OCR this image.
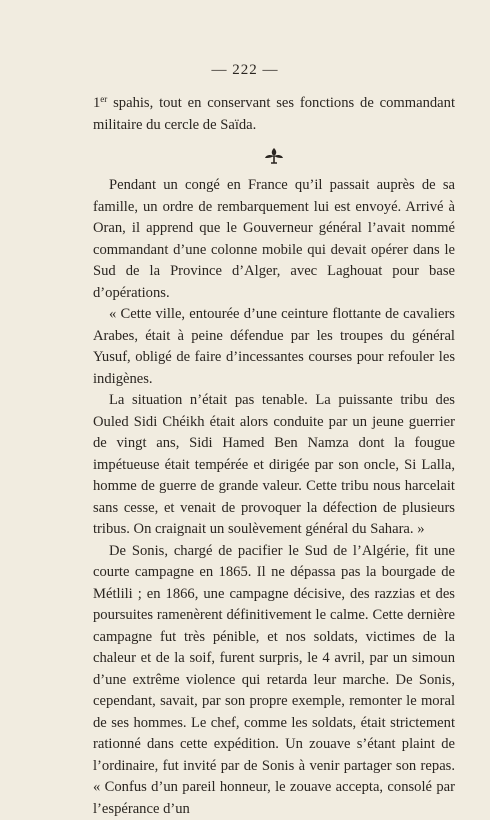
— 222 —

1er spahis, tout en conservant ses fonctions de commandant militaire du cercle de Saïda.

Pendant un congé en France qu’il passait auprès de sa famille, un ordre de rembarquement lui est envoyé. Arrivé à Oran, il apprend que le Gouverneur général l’avait nommé commandant d’une colonne mobile qui devait opérer dans le Sud de la Province d’Alger, avec Laghouat pour base d’opérations.

« Cette ville, entourée d’une ceinture flottante de cavaliers Arabes, était à peine défendue par les troupes du général Yusuf, obligé de faire d’incessantes courses pour refouler les indigènes.

La situation n’était pas tenable. La puissante tribu des Ouled Sidi Chéikh était alors conduite par un jeune guerrier de vingt ans, Sidi Hamed Ben Namza dont la fougue impétueuse était tempérée et dirigée par son oncle, Si Lalla, homme de guerre de grande valeur. Cette tribu nous harcelait sans cesse, et venait de provoquer la défection de plusieurs tribus. On craignait un soulèvement général du Sahara. »

De Sonis, chargé de pacifier le Sud de l’Algérie, fit une courte campagne en 1865. Il ne dépassa pas la bourgade de Métlili ; en 1866, une campagne décisive, des razzias et des poursuites ramenèrent définitivement le calme. Cette dernière campagne fut très pénible, et nos soldats, victimes de la chaleur et de la soif, furent surpris, le 4 avril, par un simoun d’une extrême violence qui retarda leur marche. De Sonis, cependant, savait, par son propre exemple, remonter le moral de ses hommes. Le chef, comme les soldats, était strictement rationné dans cette expédition. Un zouave s’étant plaint de l’ordinaire, fut invité par de Sonis à venir partager son repas. « Confus d’un pareil honneur, le zouave accepta, consolé par l’espérance d’un
